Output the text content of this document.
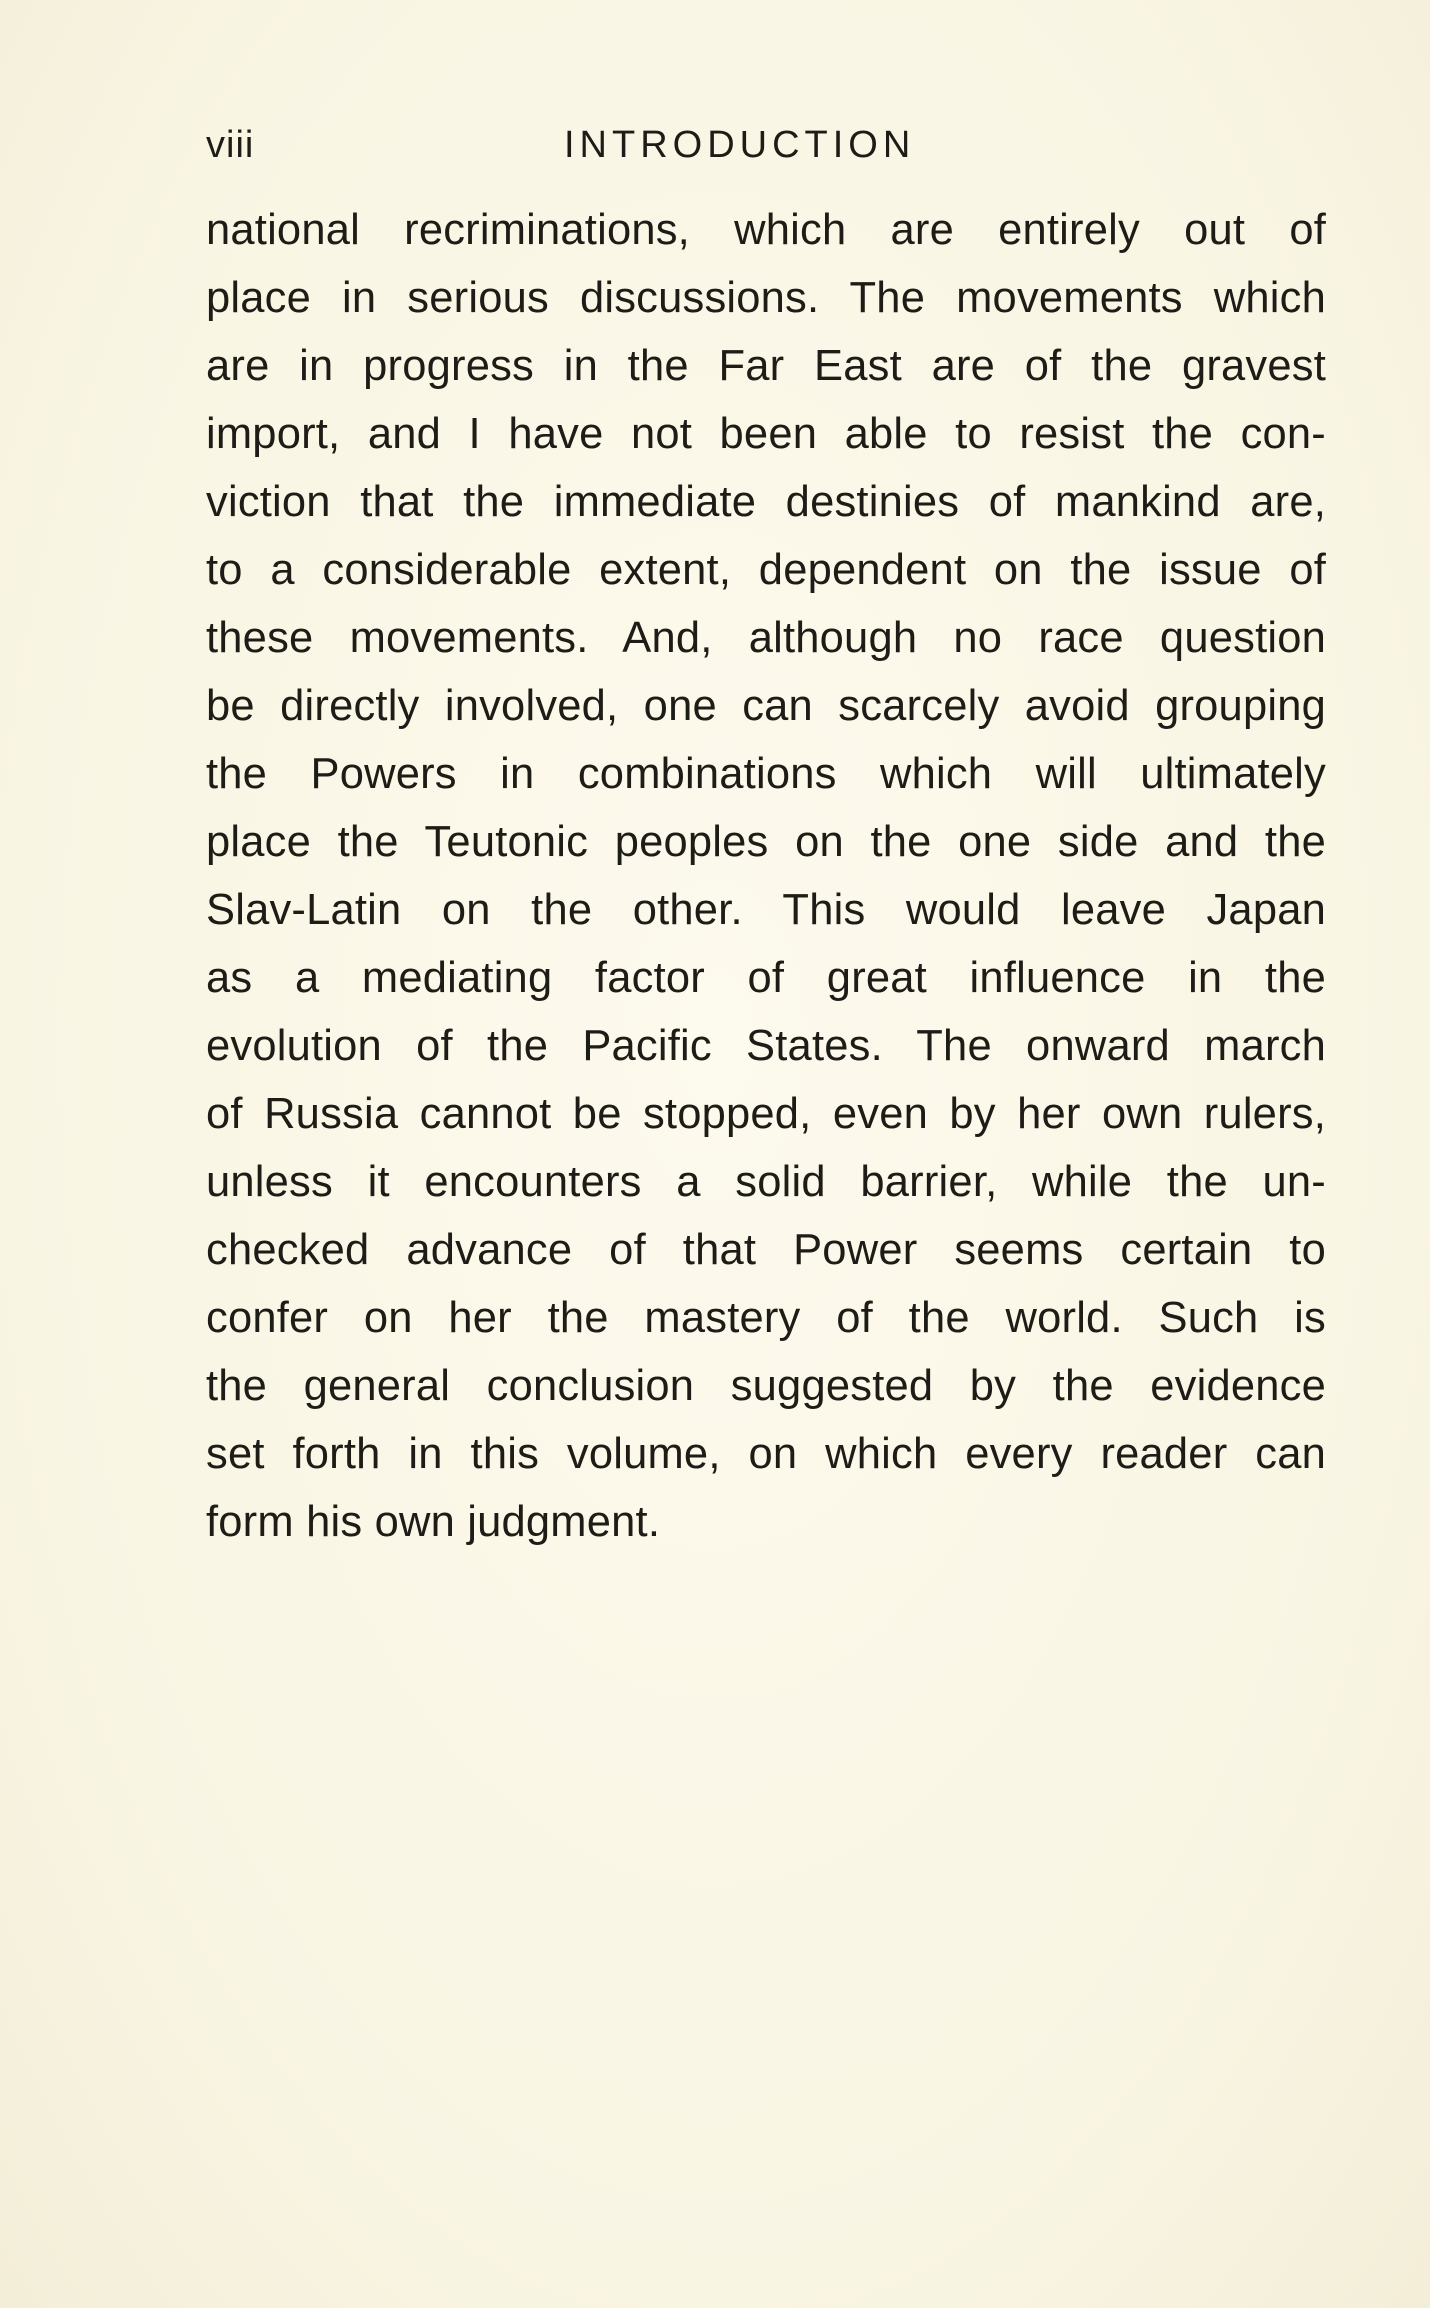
viii	INTRODUCTION
national recriminations, which are entirely out of
place in serious discussions. The movements which
are in progress in the Far East are of the gravest
import, and I have not been able to resist the con-
viction that the immediate destinies of mankind are,
to a considerable extent, dependent on the issue of
these movements. And, although no race question
be directly involved, one can scarcely avoid grouping
the Powers in combinations which will ultimately
place the Teutonic peoples on the one side and the
Slav-Latin on the other. This would leave Japan
as a mediating factor of great influence in the
evolution of the Pacific States. The onward march
of Russia cannot be stopped, even by her own rulers,
unless it encounters a solid barrier, while the un-
checked advance of that Power seems certain to
confer on her the mastery of the world. Such is
the general conclusion suggested by the evidence
set forth in this volume, on which every reader can
form his own judgment.
